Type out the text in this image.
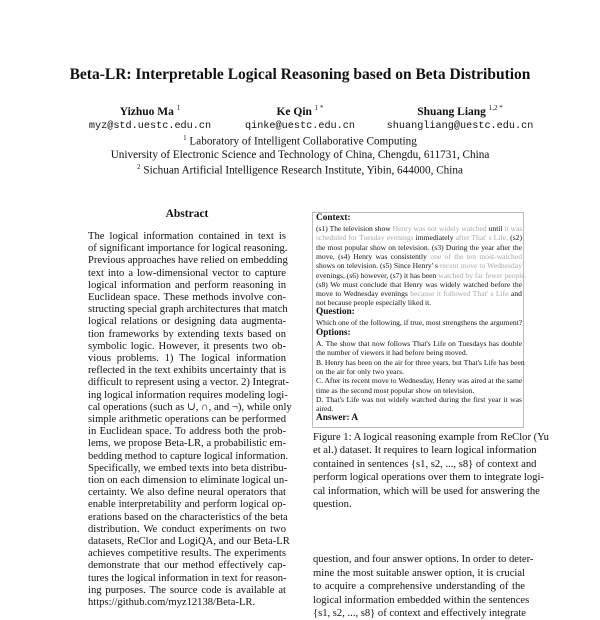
Beta-LR: Interpretable Logical Reasoning based on Beta Distribution
Yizhuo Ma $^1$	Ke Qin $^{1 *}$	Shuang Liang $^{1,2 *}$
myz@std.uestc.edu.cn	qinke@uestc.edu.cn	shuangliang@uestc.edu.cn
$^1$ Laboratory of Intelligent Collaborative Computing
University of Electronic Science and Technology of China, Chengdu, 611731, China
$^2$ Sichuan Artificial Intelligence Research Institute, Yibin, 644000, China
Abstract
The logical information contained in text is
of significant importance for logical reasoning.
Previous approaches have relied on embedding
text into a low-dimensional vector to capture
logical information and perform reasoning in
Euclidean space. These methods involve con-
structing special graph architectures that match
logical relations or designing data augmenta-
tion frameworks by extending texts based on
symbolic logic. However, it presents two ob-
vious problems. 1) The logical information
reflected in the text exhibits uncertainty that is
difficult to represent using a vector. 2) Integrat-
ing logical information requires modeling logi-
cal operations (such as ∪, ∩, and ¬), while only
simple arithmetic operations can be performed
in Euclidean space. To address both the prob-
lems, we propose Beta-LR, a probabilistic em-
bedding method to capture logical information.
Specifically, we embed texts into beta distribu-
tion on each dimension to eliminate logical un-
certainty. We also define neural operators that
enable interpretability and perform logical op-
erations based on the characteristics of the beta
distribution. We conduct experiments on two
datasets, ReClor and LogiQA, and our Beta-LR
achieves competitive results. The experiments
demonstrate that our method effectively cap-
tures the logical information in text for reason-
ing purposes. The source code is available at
https://github.com/myz12138/Beta-LR.
Context:
(s1) The television show Henry was not widely watched until it was
scheduled for Tuesday evenings immediately after That' s Life, (s2)
the most popular show on television. (s3) During the year after the
move, (s4) Henry was consistently one of the ten most-watched
shows on television. (s5) Since Henry' s recent move to Wednesday
evenings, (s6) however, (s7) it has been watched by far fewer people.
(s8) We must conclude that Henry was widely watched before the
move to Wednesday evenings because it followed That' s Life and
not because people especially liked it.
Question:
Which one of the following, if true, most strengthens the argument?
Options:
A. The show that now follows That's Life on Tuesdays has double
the number of viewers it had before being moved.
B. Henry has been on the air for three years, but That's Life has been
on the air for only two years.
C. After its recent move to Wednesday, Henry was aired at the same
time as the second most popular show on television.
D. That's Life was not widely watched during the first year it was
aired.
Answer: A
Figure 1: A logical reasoning example from ReClor (Yu
et al.) dataset. It requires to learn logical information
contained in sentences {s1, s2, ..., s8} of context and
perform logical operations over them to integrate logi-
cal information, which will be used for answering the
question.
question, and four answer options. In order to deter-
mine the most suitable answer option, it is crucial
to acquire a comprehensive understanding of the
logical information embedded within the sentences
{s1, s2, ..., s8} of context and effectively integrate
